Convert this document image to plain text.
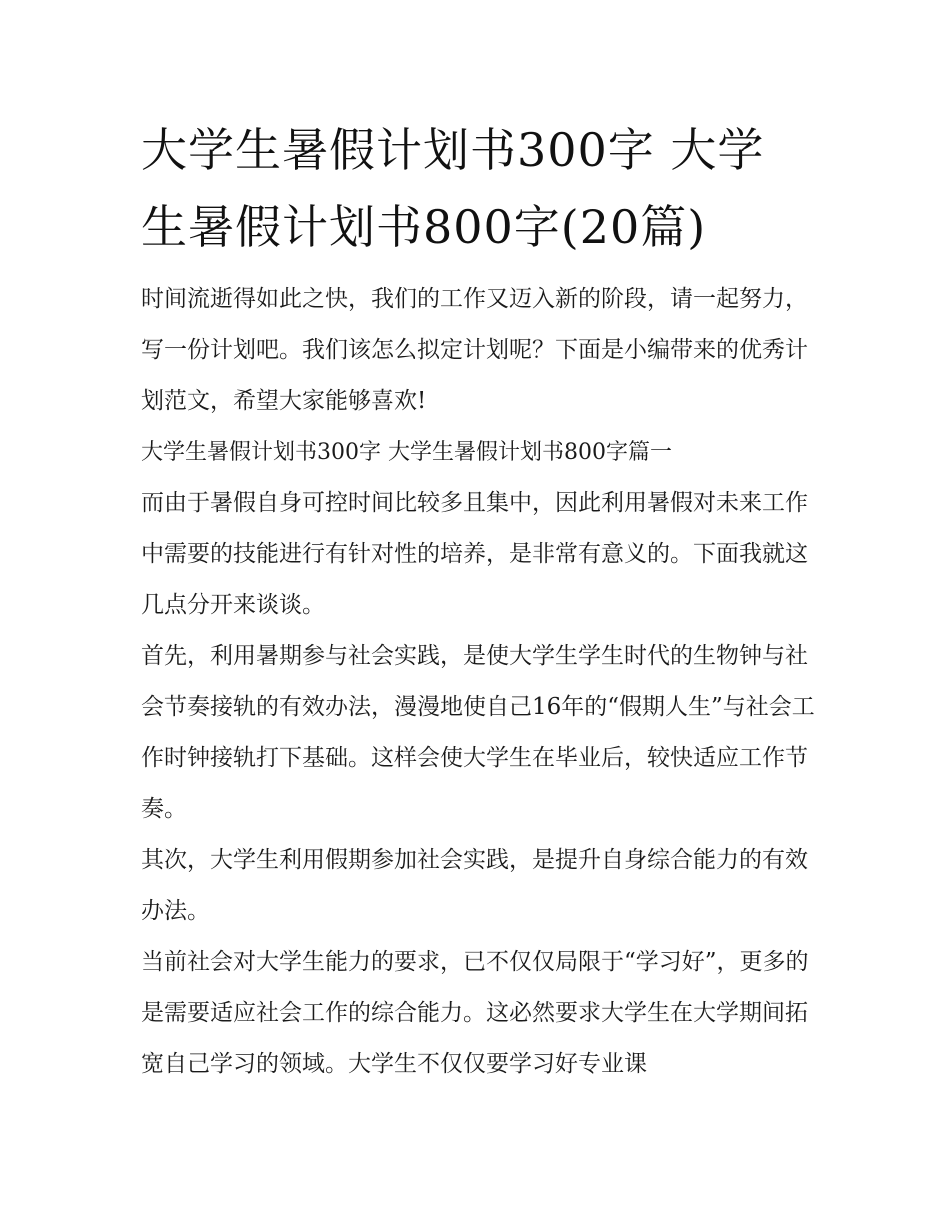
大学生暑假计划书300字 大学
生暑假计划书800字(20篇)

时间流逝得如此之快，我们的工作又迈入新的阶段，请一起努力，写一份计划吧。我们该怎么拟定计划呢？下面是小编带来的优秀计划范文，希望大家能够喜欢!

大学生暑假计划书300字 大学生暑假计划书800字篇一

而由于暑假自身可控时间比较多且集中，因此利用暑假对未来工作中需要的技能进行有针对性的培养，是非常有意义的。下面我就这几点分开来谈谈。

首先，利用暑期参与社会实践，是使大学生学生时代的生物钟与社会节奏接轨的有效办法，漫漫地使自己16年的“假期人生”与社会工作时钟接轨打下基础。这样会使大学生在毕业后，较快适应工作节奏。

其次，大学生利用假期参加社会实践，是提升自身综合能力的有效办法。

当前社会对大学生能力的要求，已不仅仅局限于“学习好”，更多的是需要适应社会工作的综合能力。这必然要求大学生在大学期间拓宽自己学习的领域。大学生不仅仅要学习好专业课
